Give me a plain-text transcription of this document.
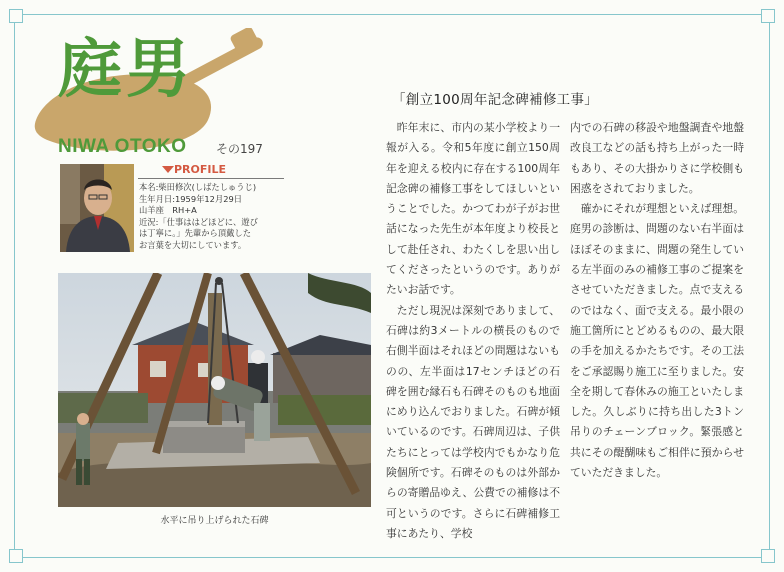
庭男
NIWA OTOKO その197
PROFILE
本名:柴田修次(しばたしゅうじ)
生年月日:1959年12月29日
山羊座　RH+A
近況:「仕事ははどほどに、遊び
は丁寧に。」先輩から頂戴した
お言葉を大切にしています。
水平に吊り上げられた石碑
「創立100周年記念碑補修工事」

昨年末に、市内の某小学校より一報が入る。令和5年度に創立150周年を迎える校内に存在する100周年記念碑の補修工事をしてほしいということでした。かつてわが子がお世話になった先生が本年度より校長として赴任され、わたくしを思い出してくださったというのです。ありがたいお話です。

ただし現況は深刻でありまして、石碑は約3メートルの横長のもので右側半面はそれほどの問題はないものの、左半面は17センチほどの石碑を囲む縁石も石碑そのものも地面にめり込んでおりました。石碑が傾いているのです。石碑周辺は、子供たちにとっては学校内でもかなり危険個所です。石碑そのものは外部からの寄贈品ゆえ、公費での補修は不可というのです。さらに石碑補修工事にあたり、学校

内での石碑の移設や地盤調査や地盤改良工などの話も持ち上がった一時もあり、その大掛かりさに学校側も困惑をされておりました。

確かにそれが理想といえば理想。庭男の診断は、問題のない右半面はほぼそのままに、問題の発生している左半面のみの補修工事のご提案をさせていただきました。点で支えるのではなく、面で支える。最小限の施工箇所にとどめるものの、最大限の手を加えるかたちです。その工法をご承認賜り施工に至りました。安全を期して春休みの施工といたしました。久しぶりに持ち出した3トン吊りのチェーンブロック。緊張感と共にその醍醐味もご相伴に預からせていただきました。
